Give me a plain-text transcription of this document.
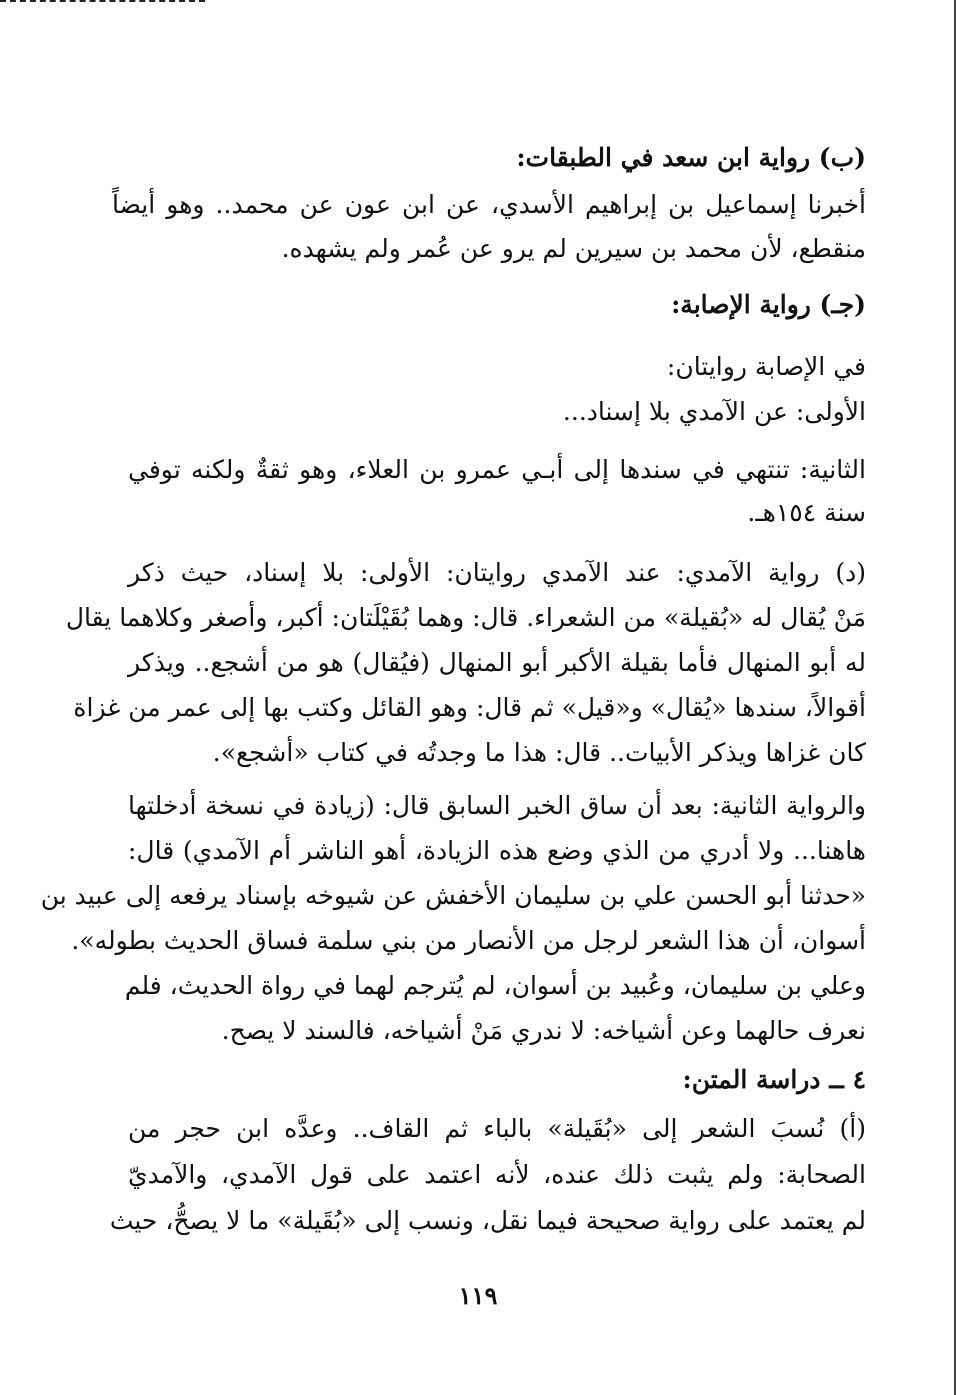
(ب) رواية ابن سعد في الطبقات:
أخبرنا إسماعيل بن إبراهيم الأسدي، عن ابن عون عن محمد.. وهو أيضاً
منقطع، لأن محمد بن سيرين لم يرو عن عُمر ولم يشهده.
(جـ) رواية الإصابة:
في الإصابة روايتان:
الأولى: عن الآمدي بلا إسناد...
الثانية: تنتهي في سندها إلى أبـي عمرو بن العلاء، وهو ثقةٌ ولكنه توفي
سنة ١٥٤هـ.
(د) رواية الآمدي: عند الآمدي روايتان: الأولى: بلا إسناد، حيث ذكر
مَنْ يُقال له «بُقيلة» من الشعراء. قال: وهما بُقَيْلَتان: أكبر، وأصغر وكلاهما يقال
له أبو المنهال فأما بقيلة الأكبر أبو المنهال (فيُقال) هو من أشجع.. ويذكر
أقوالاً، سندها «يُقال» و«قيل» ثم قال: وهو القائل وكتب بها إلى عمر من غزاة
كان غزاها ويذكر الأبيات.. قال: هذا ما وجدتُه في كتاب «أشجع».
والرواية الثانية: بعد أن ساق الخبر السابق قال: (زيادة في نسخة أدخلتها
هاهنا... ولا أدري من الذي وضع هذه الزيادة، أهو الناشر أم الآمدي) قال:
«حدثنا أبو الحسن علي بن سليمان الأخفش عن شيوخه بإسناد يرفعه إلى عبيد بن
أسوان، أن هذا الشعر لرجل من الأنصار من بني سلمة فساق الحديث بطوله».
وعلي بن سليمان، وعُبيد بن أسوان، لم يُترجم لهما في رواة الحديث، فلم
نعرف حالهما وعن أشياخه: لا ندري مَنْ أشياخه، فالسند لا يصح.
٤ ــ دراسة المتن:
(أ) نُسبَ الشعر إلى «بُقَيلة» بالباء ثم القاف.. وعدَّه ابن حجر من
الصحابة: ولم يثبت ذلك عنده، لأنه اعتمد على قول الآمدي، والآمديّ
لم يعتمد على رواية صحيحة فيما نقل، ونسب إلى «بُقَيلة» ما لا يصحُّ، حيث
١١٩
